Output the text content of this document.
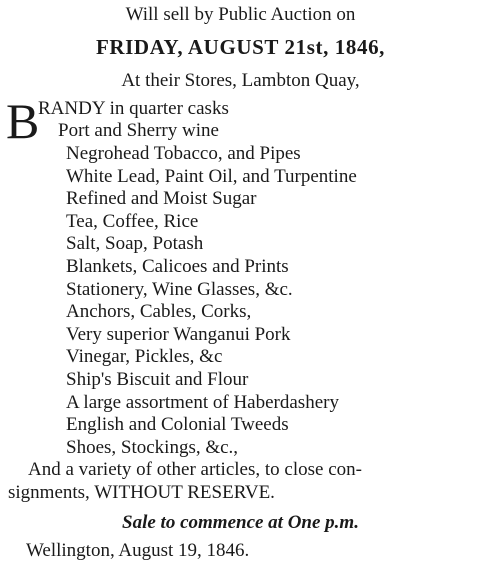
Will sell by Public Auction on
FRIDAY, AUGUST 21st, 1846,
At their Stores, Lambton Quay,
B
RANDY in quarter casks
Port and Sherry wine
Negrohead Tobacco, and Pipes
White Lead, Paint Oil, and Turpentine
Refined and Moist Sugar
Tea, Coffee, Rice
Salt, Soap, Potash
Blankets, Calicoes and Prints
Stationery, Wine Glasses, &c.
Anchors, Cables, Corks,
Very superior Wanganui Pork
Vinegar, Pickles, &c
Ship's Biscuit and Flour
A large assortment of Haberdashery
English and Colonial Tweeds
Shoes, Stockings, &c.,
And a variety of other articles, to close con-
signments, WITHOUT RESERVE.
Sale to commence at One p.m.
Wellington, August 19, 1846.
